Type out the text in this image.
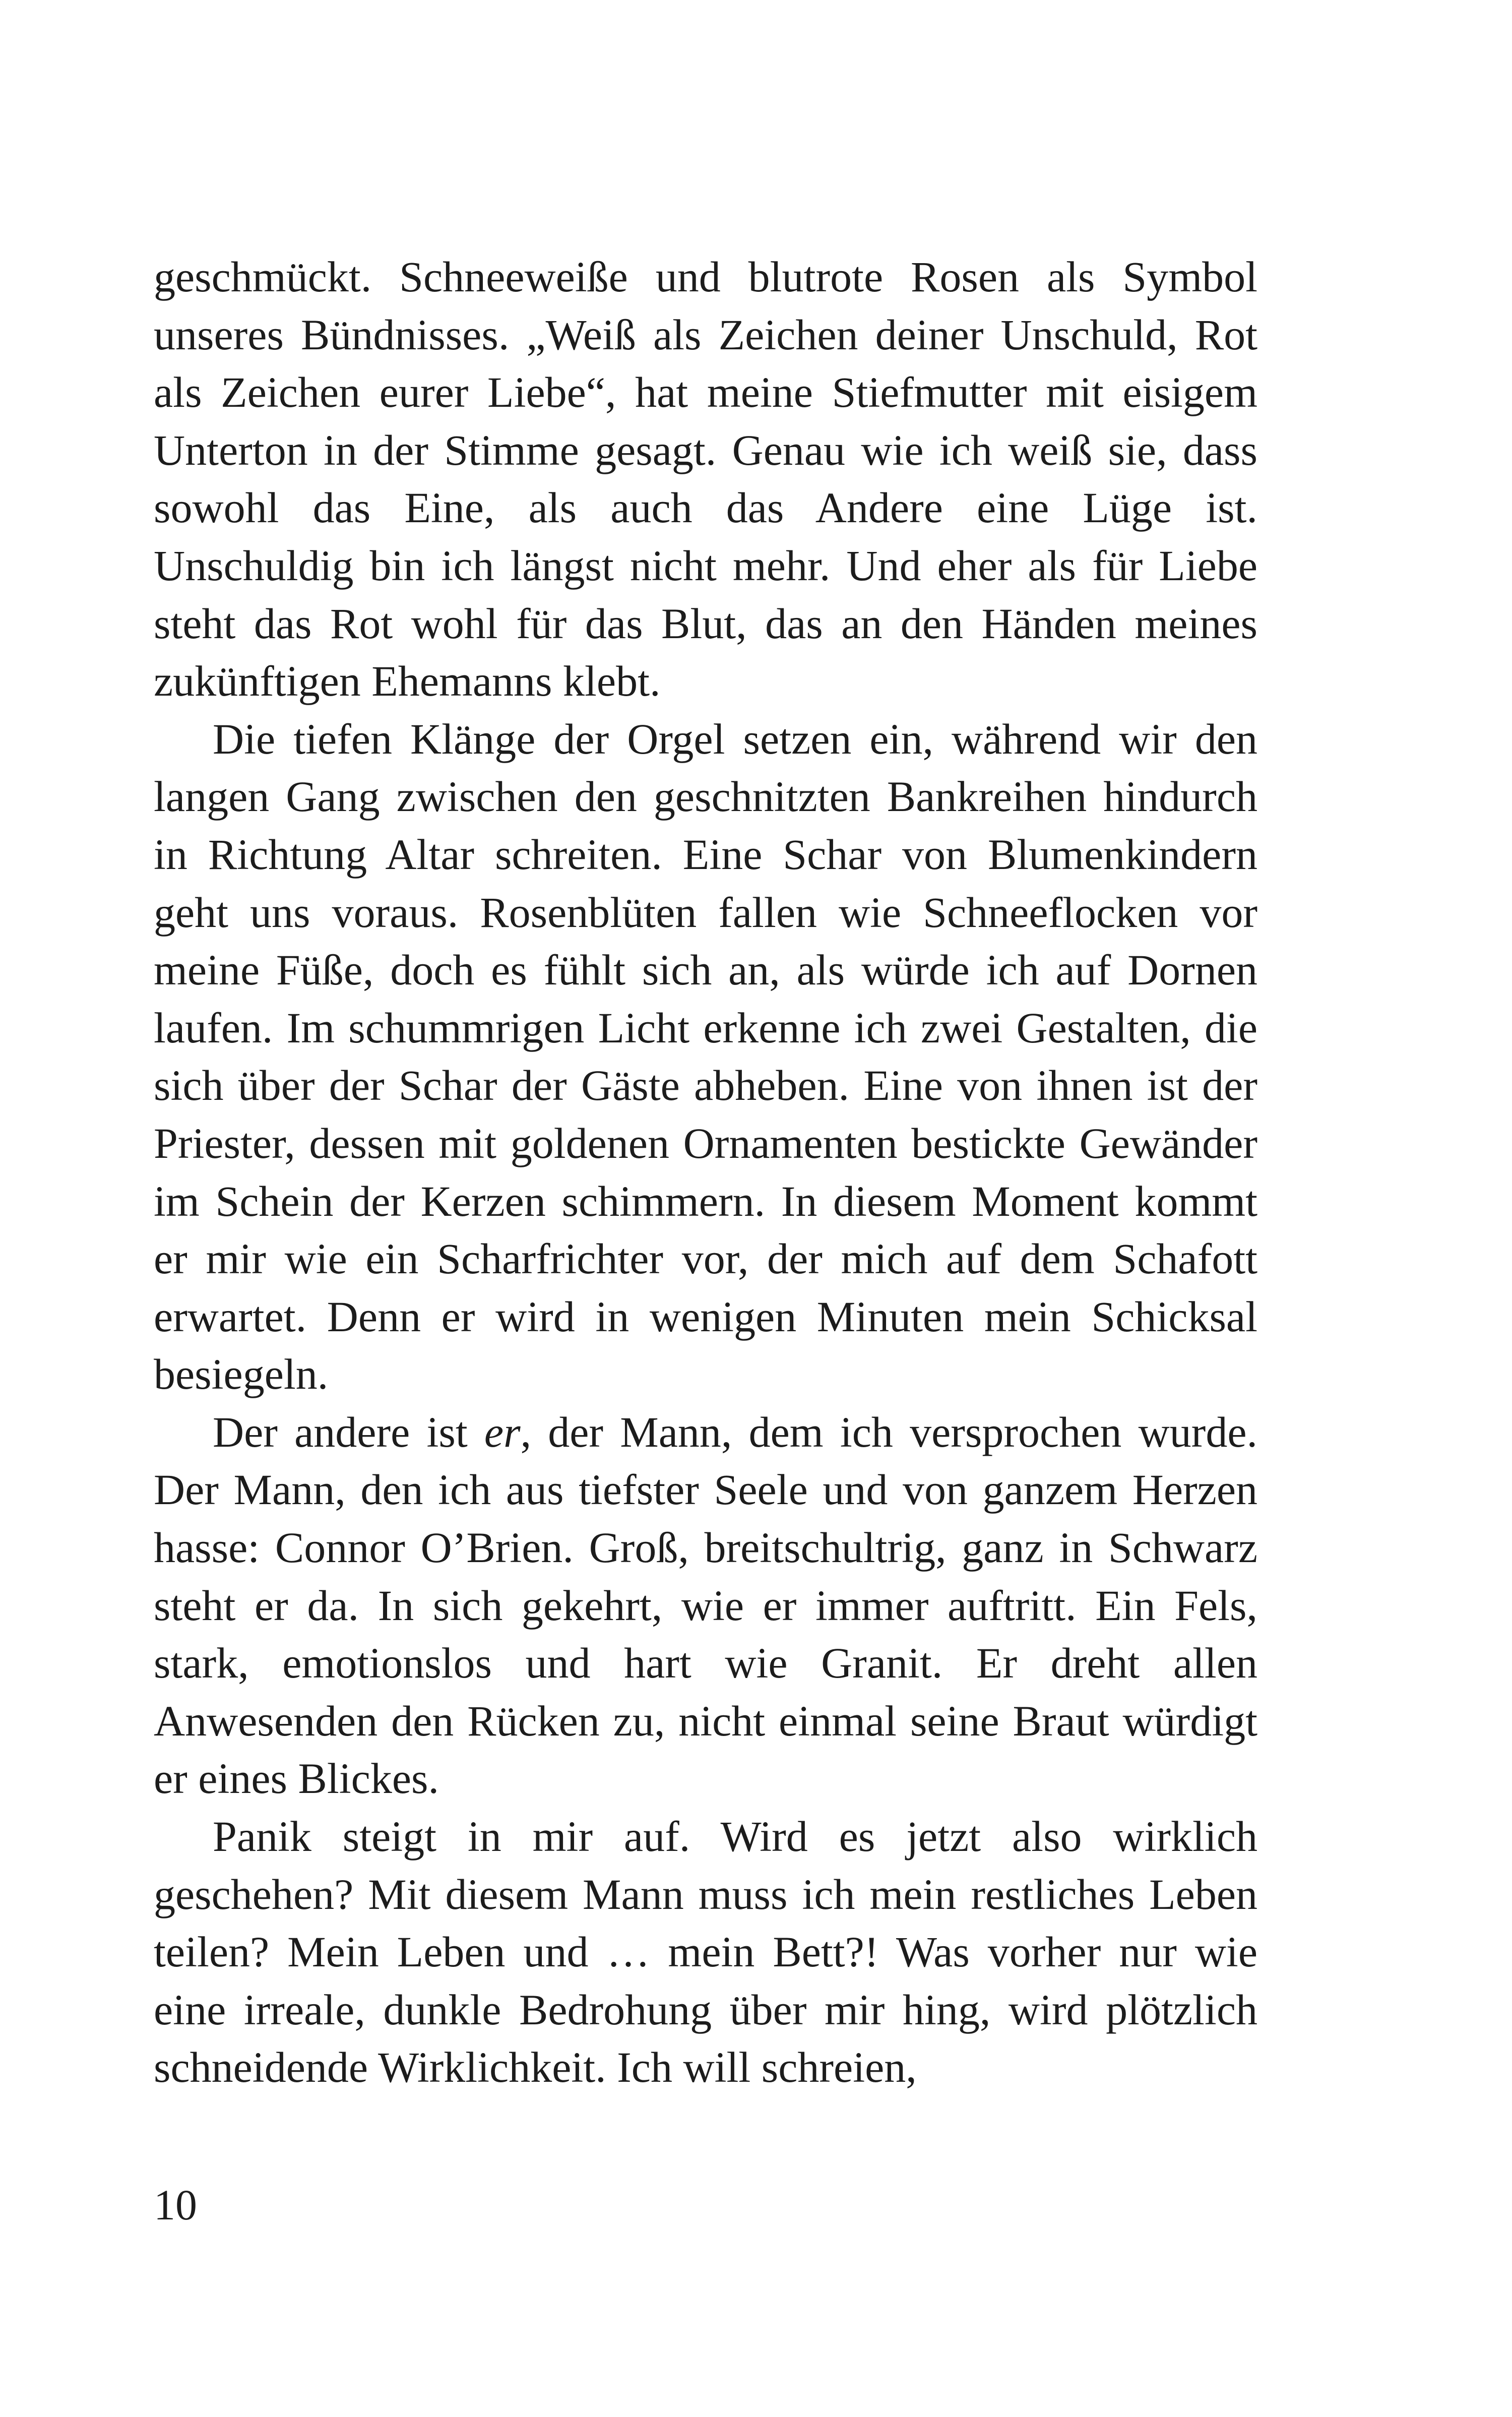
geschmückt. Schneeweiße und blutrote Rosen als Symbol unseres Bündnisses. „Weiß als Zeichen deiner Unschuld, Rot als Zeichen eurer Liebe“, hat meine Stiefmutter mit eisigem Unterton in der Stimme gesagt. Genau wie ich weiß sie, dass sowohl das Eine, als auch das Andere eine Lüge ist. Unschuldig bin ich längst nicht mehr. Und eher als für Liebe steht das Rot wohl für das Blut, das an den Händen meines zukünftigen Ehemanns klebt.

Die tiefen Klänge der Orgel setzen ein, während wir den langen Gang zwischen den geschnitzten Bankreihen hindurch in Richtung Altar schreiten. Eine Schar von Blumenkindern geht uns voraus. Rosenblüten fallen wie Schneeflocken vor meine Füße, doch es fühlt sich an, als würde ich auf Dornen laufen. Im schummrigen Licht erkenne ich zwei Gestalten, die sich über der Schar der Gäste abheben. Eine von ihnen ist der Priester, dessen mit goldenen Ornamenten bestickte Gewänder im Schein der Kerzen schimmern. In diesem Moment kommt er mir wie ein Scharfrichter vor, der mich auf dem Schafott erwartet. Denn er wird in wenigen Minuten mein Schicksal besiegeln.

Der andere ist er, der Mann, dem ich versprochen wurde. Der Mann, den ich aus tiefster Seele und von ganzem Herzen hasse: Connor O’Brien. Groß, breitschultrig, ganz in Schwarz steht er da. In sich gekehrt, wie er immer auftritt. Ein Fels, stark, emotionslos und hart wie Granit. Er dreht allen Anwesenden den Rücken zu, nicht einmal seine Braut würdigt er eines Blickes.

Panik steigt in mir auf. Wird es jetzt also wirklich geschehen? Mit diesem Mann muss ich mein restliches Leben teilen? Mein Leben und … mein Bett?! Was vorher nur wie eine irreale, dunkle Bedrohung über mir hing, wird plötzlich schneidende Wirklichkeit. Ich will schreien,

10
